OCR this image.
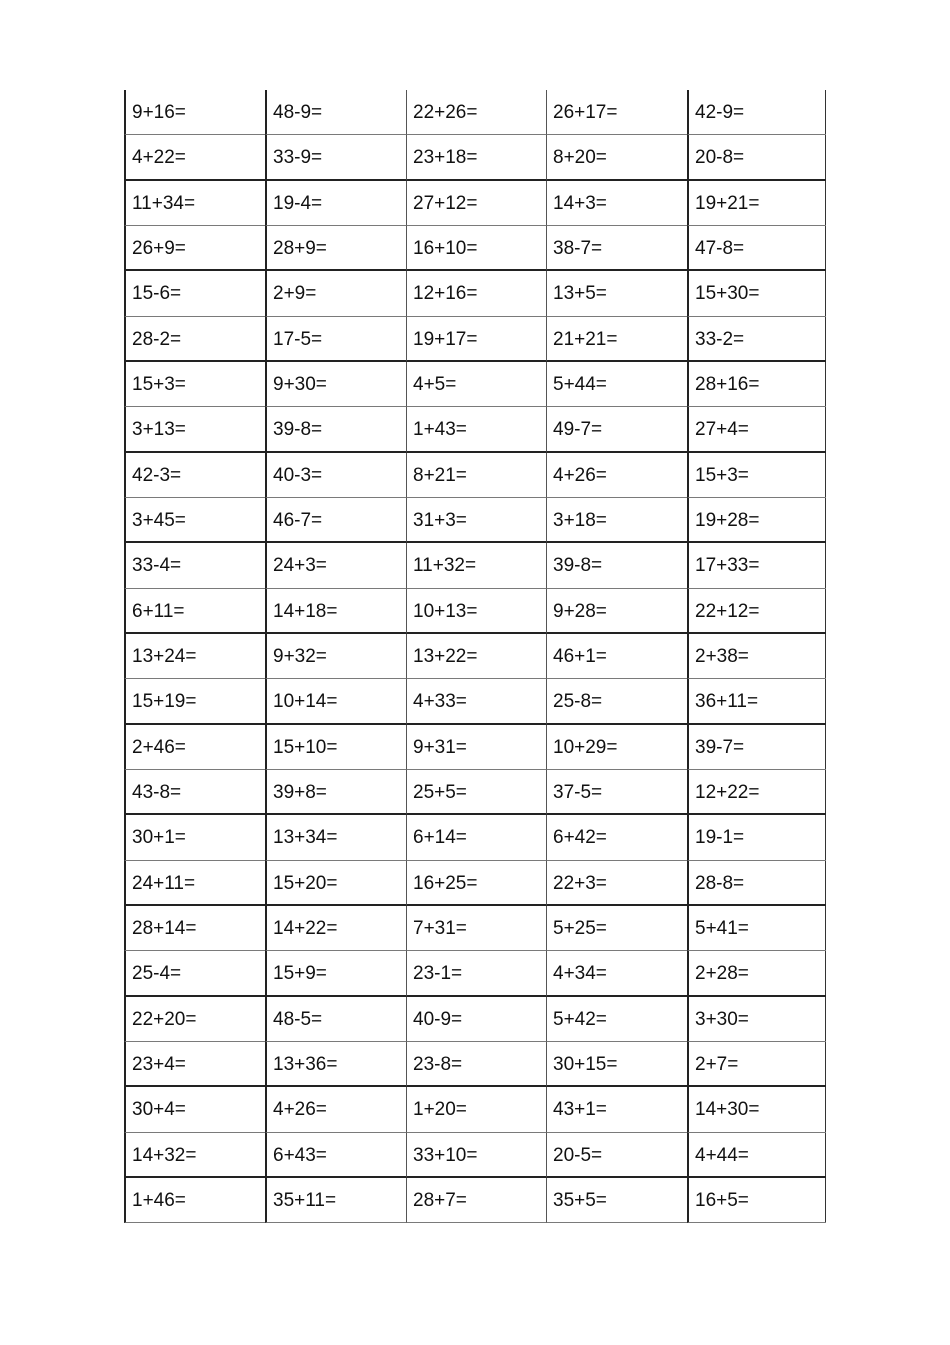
9+16=	48-9=	22+26=	26+17=	42-9=
4+22=	33-9=	23+18=	8+20=	20-8=
11+34=	19-4=	27+12=	14+3=	19+21=
26+9=	28+9=	16+10=	38-7=	47-8=
15-6=	2+9=	12+16=	13+5=	15+30=
28-2=	17-5=	19+17=	21+21=	33-2=
15+3=	9+30=	4+5=	5+44=	28+16=
3+13=	39-8=	1+43=	49-7=	27+4=
42-3=	40-3=	8+21=	4+26=	15+3=
3+45=	46-7=	31+3=	3+18=	19+28=
33-4=	24+3=	11+32=	39-8=	17+33=
6+11=	14+18=	10+13=	9+28=	22+12=
13+24=	9+32=	13+22=	46+1=	2+38=
15+19=	10+14=	4+33=	25-8=	36+11=
2+46=	15+10=	9+31=	10+29=	39-7=
43-8=	39+8=	25+5=	37-5=	12+22=
30+1=	13+34=	6+14=	6+42=	19-1=
24+11=	15+20=	16+25=	22+3=	28-8=
28+14=	14+22=	7+31=	5+25=	5+41=
25-4=	15+9=	23-1=	4+34=	2+28=
22+20=	48-5=	40-9=	5+42=	3+30=
23+4=	13+36=	23-8=	30+15=	2+7=
30+4=	4+26=	1+20=	43+1=	14+30=
14+32=	6+43=	33+10=	20-5=	4+44=
1+46=	35+11=	28+7=	35+5=	16+5=
